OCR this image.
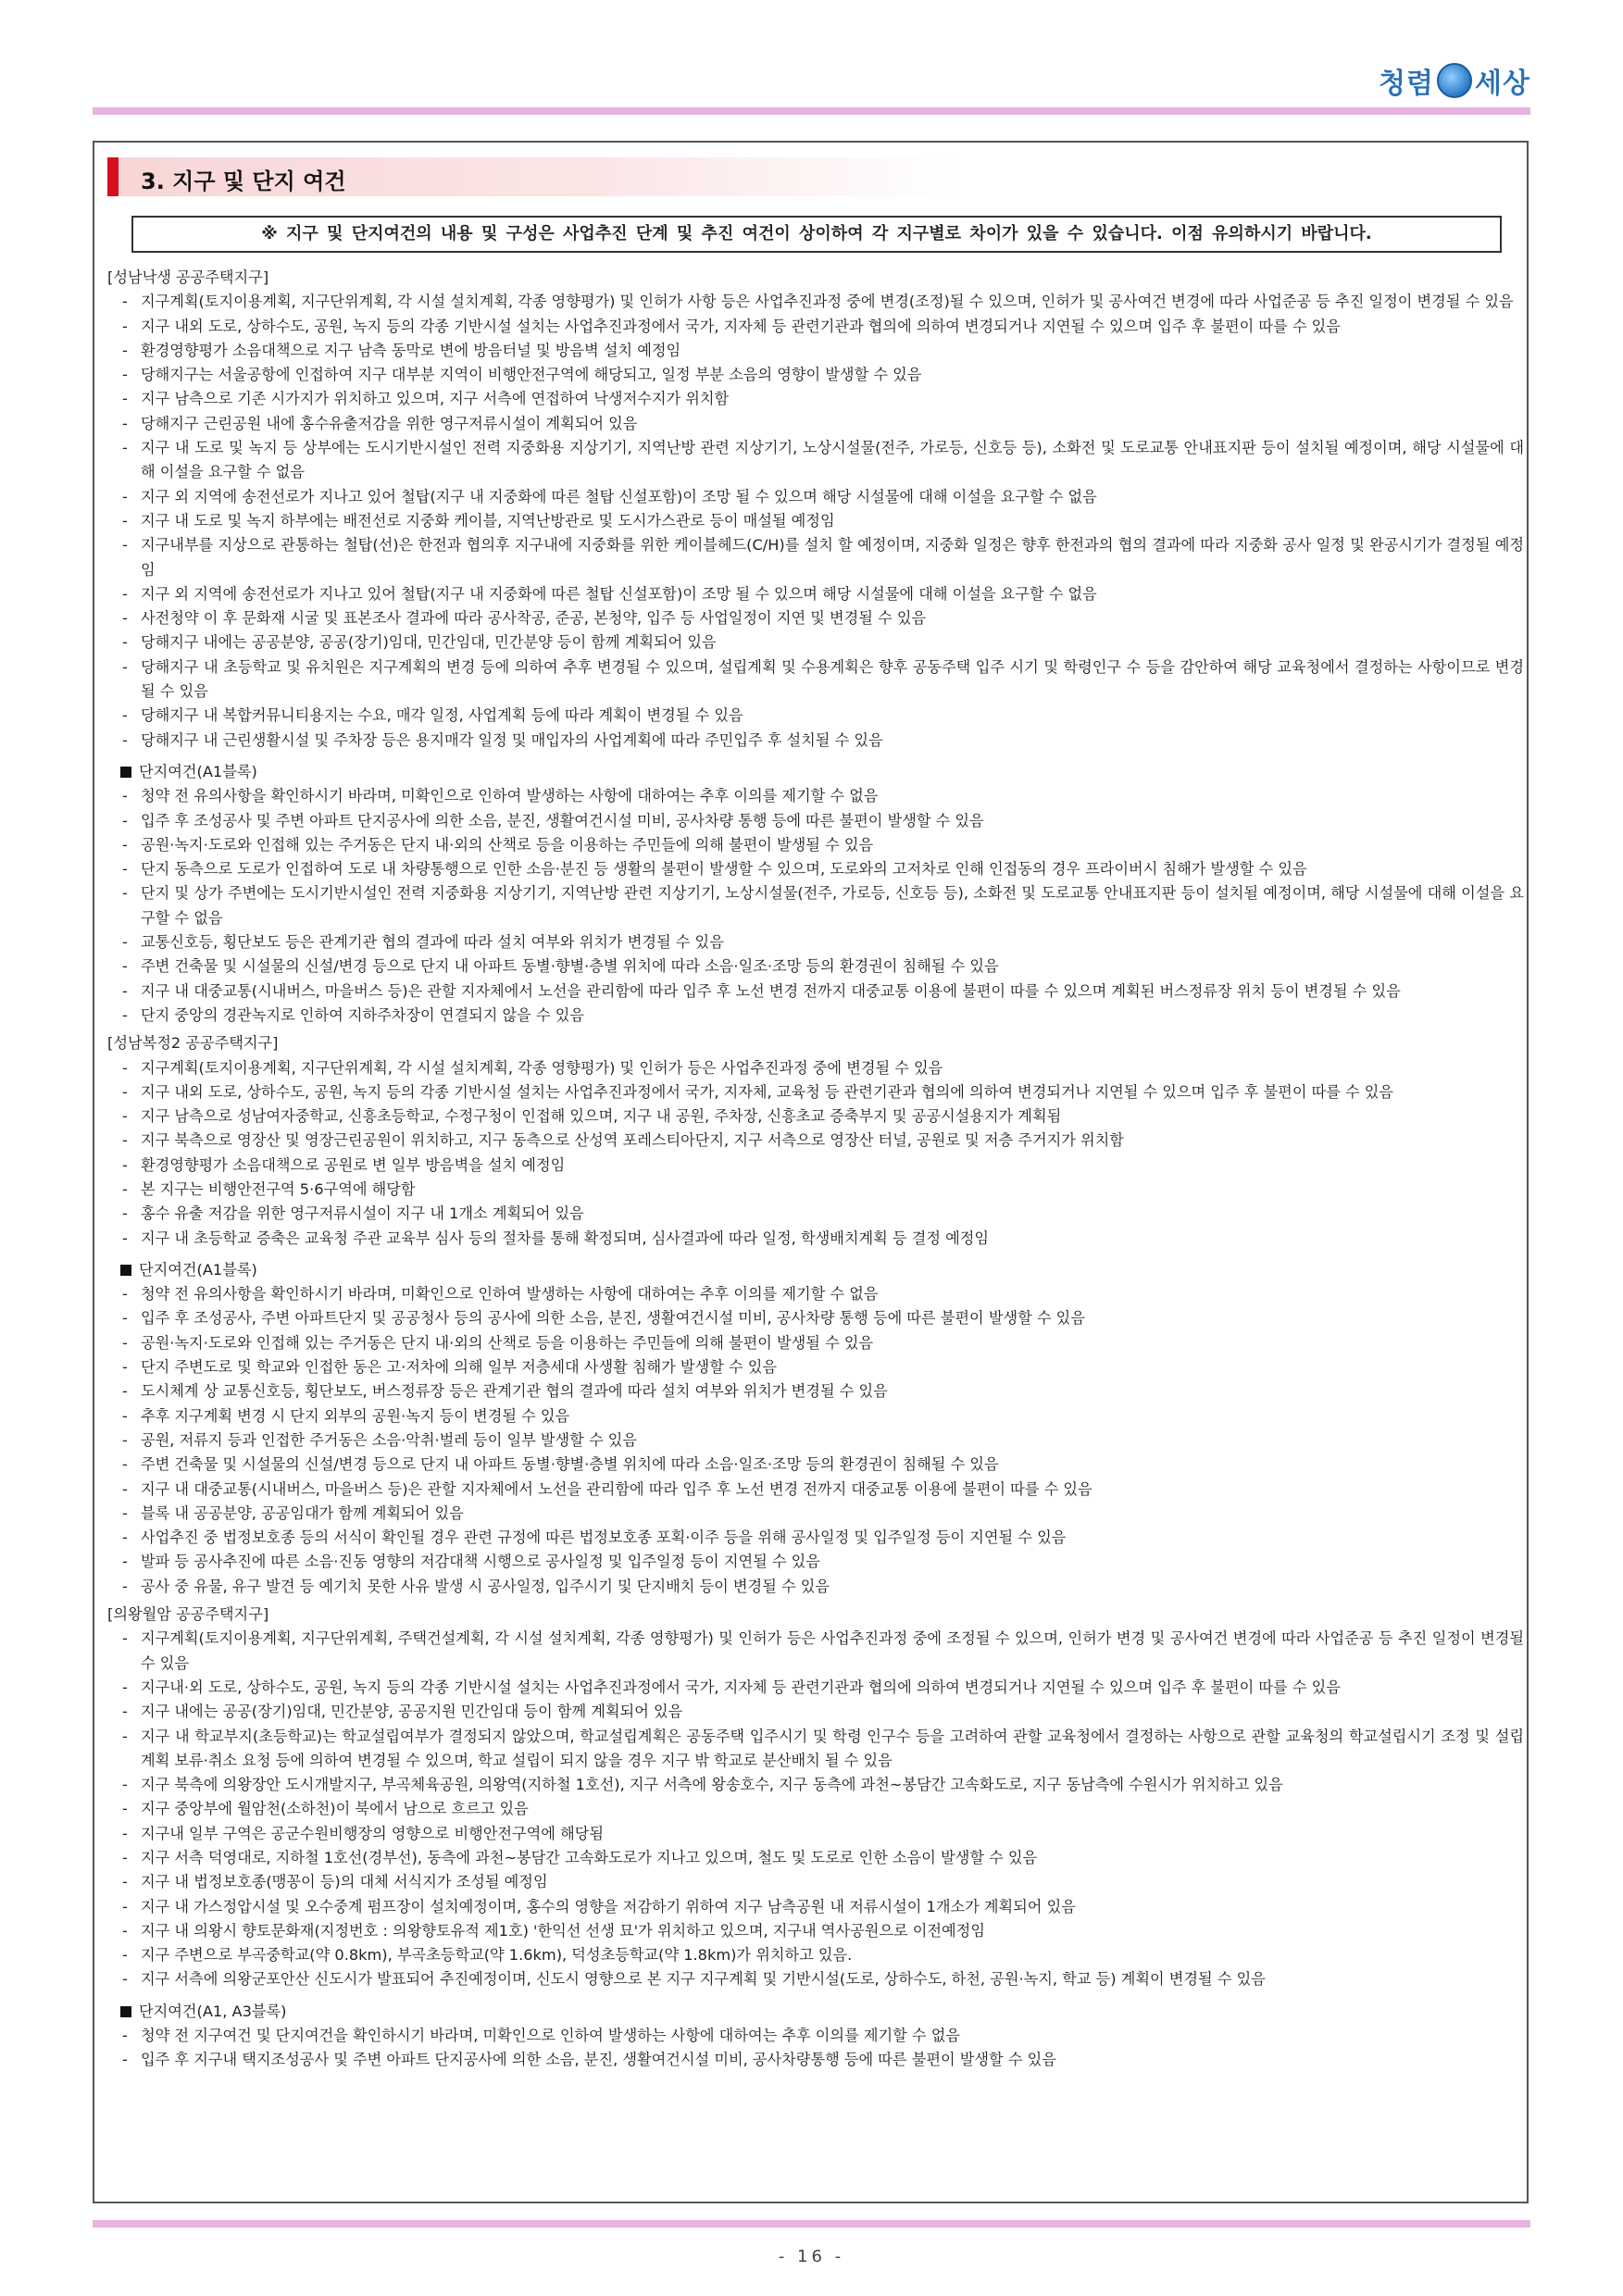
청렴 세상
3. 지구 및 단지 여건
※ 지구 및 단지여건의 내용 및 구성은 사업추진 단계 및 추진 여건이 상이하여 각 지구별로 차이가 있을 수 있습니다. 이점 유의하시기 바랍니다.

[성남낙생 공공주택지구]

- 지구계획(토지이용계획, 지구단위계획, 각 시설 설치계획, 각종 영향평가) 및 인허가 사항 등은 사업추진과정 중에 변경(조정)될 수 있으며, 인허가 및 공사여건 변경에 따라 사업준공 등 추진 일정이 변경될 수 있음

- 지구 내외 도로, 상하수도, 공원, 녹지 등의 각종 기반시설 설치는 사업추진과정에서 국가, 지자체 등 관련기관과 협의에 의하여 변경되거나 지연될 수 있으며 입주 후 불편이 따를 수 있음

- 환경영향평가 소음대책으로 지구 남측 동막로 변에 방음터널 및 방음벽 설치 예정임

- 당해지구는 서울공항에 인접하여 지구 대부분 지역이 비행안전구역에 해당되고, 일정 부분 소음의 영향이 발생할 수 있음

- 지구 남측으로 기존 시가지가 위치하고 있으며, 지구 서측에 연접하여 낙생저수지가 위치함

- 당해지구 근린공원 내에 홍수유출저감을 위한 영구저류시설이 계획되어 있음

- 지구 내 도로 및 녹지 등 상부에는 도시기반시설인 전력 지중화용 지상기기, 지역난방 관련 지상기기, 노상시설물(전주, 가로등, 신호등 등), 소화전 및 도로교통 안내표지판 등이 설치될 예정이며, 해당 시설물에 대해 이설을 요구할 수 없음

- 지구 외 지역에 송전선로가 지나고 있어 철탑(지구 내 지중화에 따른 철탑 신설포함)이 조망 될 수 있으며 해당 시설물에 대해 이설을 요구할 수 없음

- 지구 내 도로 및 녹지 하부에는 배전선로 지중화 케이블, 지역난방관로 및 도시가스관로 등이 매설될 예정임

- 지구내부를 지상으로 관통하는 철탑(선)은 한전과 협의후 지구내에 지중화를 위한 케이블헤드(C/H)를 설치 할 예정이며, 지중화 일정은 향후 한전과의 협의 결과에 따라 지중화 공사 일정 및 완공시기가 결정될 예정임

- 지구 외 지역에 송전선로가 지나고 있어 철탑(지구 내 지중화에 따른 철탑 신설포함)이 조망 될 수 있으며 해당 시설물에 대해 이설을 요구할 수 없음

- 사전청약 이 후 문화재 시굴 및 표본조사 결과에 따라 공사착공, 준공, 본청약, 입주 등 사업일정이 지연 및 변경될 수 있음

- 당해지구 내에는 공공분양, 공공(장기)임대, 민간임대, 민간분양 등이 함께 계획되어 있음

- 당해지구 내 초등학교 및 유치원은 지구계획의 변경 등에 의하여 추후 변경될 수 있으며, 설립계획 및 수용계획은 향후 공동주택 입주 시기 및 학령인구 수 등을 감안하여 해당 교육청에서 결정하는 사항이므로 변경될 수 있음

- 당해지구 내 복합커뮤니티용지는 수요, 매각 일정, 사업계획 등에 따라 계획이 변경될 수 있음

- 당해지구 내 근린생활시설 및 주차장 등은 용지매각 일정 및 매입자의 사업계획에 따라 주민입주 후 설치될 수 있음

단지여건(A1블록)

- 청약 전 유의사항을 확인하시기 바라며, 미확인으로 인하여 발생하는 사항에 대하여는 추후 이의를 제기할 수 없음

- 입주 후 조성공사 및 주변 아파트 단지공사에 의한 소음, 분진, 생활여건시설 미비, 공사차량 통행 등에 따른 불편이 발생할 수 있음

- 공원·녹지·도로와 인접해 있는 주거동은 단지 내·외의 산책로 등을 이용하는 주민들에 의해 불편이 발생될 수 있음

- 단지 동측으로 도로가 인접하여 도로 내 차량통행으로 인한 소음·분진 등 생활의 불편이 발생할 수 있으며, 도로와의 고저차로 인해 인접동의 경우 프라이버시 침해가 발생할 수 있음

- 단지 및 상가 주변에는 도시기반시설인 전력 지중화용 지상기기, 지역난방 관련 지상기기, 노상시설물(전주, 가로등, 신호등 등), 소화전 및 도로교통 안내표지판 등이 설치될 예정이며, 해당 시설물에 대해 이설을 요구할 수 없음

- 교통신호등, 횡단보도 등은 관계기관 협의 결과에 따라 설치 여부와 위치가 변경될 수 있음

- 주변 건축물 및 시설물의 신설/변경 등으로 단지 내 아파트 동별·향별·층별 위치에 따라 소음·일조·조망 등의 환경권이 침해될 수 있음

- 지구 내 대중교통(시내버스, 마을버스 등)은 관할 지자체에서 노선을 관리함에 따라 입주 후 노선 변경 전까지 대중교통 이용에 불편이 따를 수 있으며 계획된 버스정류장 위치 등이 변경될 수 있음

- 단지 중앙의 경관녹지로 인하여 지하주차장이 연결되지 않을 수 있음

[성남복정2 공공주택지구]

- 지구계획(토지이용계획, 지구단위계획, 각 시설 설치계획, 각종 영향평가) 및 인허가 등은 사업추진과정 중에 변경될 수 있음

- 지구 내외 도로, 상하수도, 공원, 녹지 등의 각종 기반시설 설치는 사업추진과정에서 국가, 지자체, 교육청 등 관련기관과 협의에 의하여 변경되거나 지연될 수 있으며 입주 후 불편이 따를 수 있음

- 지구 남측으로 성남여자중학교, 신흥초등학교, 수정구청이 인접해 있으며, 지구 내 공원, 주차장, 신흥초교 증축부지 및 공공시설용지가 계획됨

- 지구 북측으로 영장산 및 영장근린공원이 위치하고, 지구 동측으로 산성역 포레스티아단지, 지구 서측으로 영장산 터널, 공원로 및 저층 주거지가 위치함

- 환경영향평가 소음대책으로 공원로 변 일부 방음벽을 설치 예정임

- 본 지구는 비행안전구역 5·6구역에 해당함

- 홍수 유출 저감을 위한 영구저류시설이 지구 내 1개소 계획되어 있음

- 지구 내 초등학교 증축은 교육청 주관 교육부 심사 등의 절차를 통해 확정되며, 심사결과에 따라 일정, 학생배치계획 등 결정 예정임

단지여건(A1블록)

- 청약 전 유의사항을 확인하시기 바라며, 미확인으로 인하여 발생하는 사항에 대하여는 추후 이의를 제기할 수 없음

- 입주 후 조성공사, 주변 아파트단지 및 공공청사 등의 공사에 의한 소음, 분진, 생활여건시설 미비, 공사차량 통행 등에 따른 불편이 발생할 수 있음

- 공원·녹지·도로와 인접해 있는 주거동은 단지 내·외의 산책로 등을 이용하는 주민들에 의해 불편이 발생될 수 있음

- 단지 주변도로 및 학교와 인접한 동은 고·저차에 의해 일부 저층세대 사생활 침해가 발생할 수 있음

- 도시체계 상 교통신호등, 횡단보도, 버스정류장 등은 관계기관 협의 결과에 따라 설치 여부와 위치가 변경될 수 있음

- 추후 지구계획 변경 시 단지 외부의 공원·녹지 등이 변경될 수 있음

- 공원, 저류지 등과 인접한 주거동은 소음·악취·벌레 등이 일부 발생할 수 있음

- 주변 건축물 및 시설물의 신설/변경 등으로 단지 내 아파트 동별·향별·층별 위치에 따라 소음·일조·조망 등의 환경권이 침해될 수 있음

- 지구 내 대중교통(시내버스, 마을버스 등)은 관할 지자체에서 노선을 관리함에 따라 입주 후 노선 변경 전까지 대중교통 이용에 불편이 따를 수 있음

- 블록 내 공공분양, 공공임대가 함께 계획되어 있음

- 사업추진 중 법정보호종 등의 서식이 확인될 경우 관련 규정에 따른 법정보호종 포획·이주 등을 위해 공사일정 및 입주일정 등이 지연될 수 있음

- 발파 등 공사추진에 따른 소음·진동 영향의 저감대책 시행으로 공사일정 및 입주일정 등이 지연될 수 있음

- 공사 중 유물, 유구 발견 등 예기치 못한 사유 발생 시 공사일정, 입주시기 및 단지배치 등이 변경될 수 있음

[의왕월암 공공주택지구]

- 지구계획(토지이용계획, 지구단위계획, 주택건설계획, 각 시설 설치계획, 각종 영향평가) 및 인허가 등은 사업추진과정 중에 조정될 수 있으며, 인허가 변경 및 공사여건 변경에 따라 사업준공 등 추진 일정이 변경될 수 있음

- 지구내·외 도로, 상하수도, 공원, 녹지 등의 각종 기반시설 설치는 사업추진과정에서 국가, 지자체 등 관련기관과 협의에 의하여 변경되거나 지연될 수 있으며 입주 후 불편이 따를 수 있음

- 지구 내에는 공공(장기)임대, 민간분양, 공공지원 민간임대 등이 함께 계획되어 있음

- 지구 내 학교부지(초등학교)는 학교설립여부가 결정되지 않았으며, 학교설립계획은 공동주택 입주시기 및 학령 인구수 등을 고려하여 관할 교육청에서 결정하는 사항으로 관할 교육청의 학교설립시기 조정 및 설립계획 보류·취소 요청 등에 의하여 변경될 수 있으며, 학교 설립이 되지 않을 경우 지구 밖 학교로 분산배치 될 수 있음

- 지구 북측에 의왕장안 도시개발지구, 부곡체육공원, 의왕역(지하철 1호선), 지구 서측에 왕송호수, 지구 동측에 과천~봉담간 고속화도로, 지구 동남측에 수원시가 위치하고 있음

- 지구 중앙부에 월암천(소하천)이 북에서 남으로 흐르고 있음

- 지구내 일부 구역은 공군수원비행장의 영향으로 비행안전구역에 해당됨

- 지구 서측 덕영대로, 지하철 1호선(경부선), 동측에 과천~봉담간 고속화도로가 지나고 있으며, 철도 및 도로로 인한 소음이 발생할 수 있음

- 지구 내 법정보호종(맹꽁이 등)의 대체 서식지가 조성될 예정임

- 지구 내 가스정압시설 및 오수중계 펌프장이 설치예정이며, 홍수의 영향을 저감하기 위하여 지구 남측공원 내 저류시설이 1개소가 계획되어 있음

- 지구 내 의왕시 향토문화재(지정번호 : 의왕향토유적 제1호) '한익선 선생 묘'가 위치하고 있으며, 지구내 역사공원으로 이전예정임

- 지구 주변으로 부곡중학교(약 0.8km), 부곡초등학교(약 1.6km), 덕성초등학교(약 1.8km)가 위치하고 있음.

- 지구 서측에 의왕군포안산 신도시가 발표되어 추진예정이며, 신도시 영향으로 본 지구 지구계획 및 기반시설(도로, 상하수도, 하천, 공원·녹지, 학교 등) 계획이 변경될 수 있음

단지여건(A1, A3블록)

- 청약 전 지구여건 및 단지여건을 확인하시기 바라며, 미확인으로 인하여 발생하는 사항에 대하여는 추후 이의를 제기할 수 없음

- 입주 후 지구내 택지조성공사 및 주변 아파트 단지공사에 의한 소음, 분진, 생활여건시설 미비, 공사차량통행 등에 따른 불편이 발생할 수 있음

- 16 -
